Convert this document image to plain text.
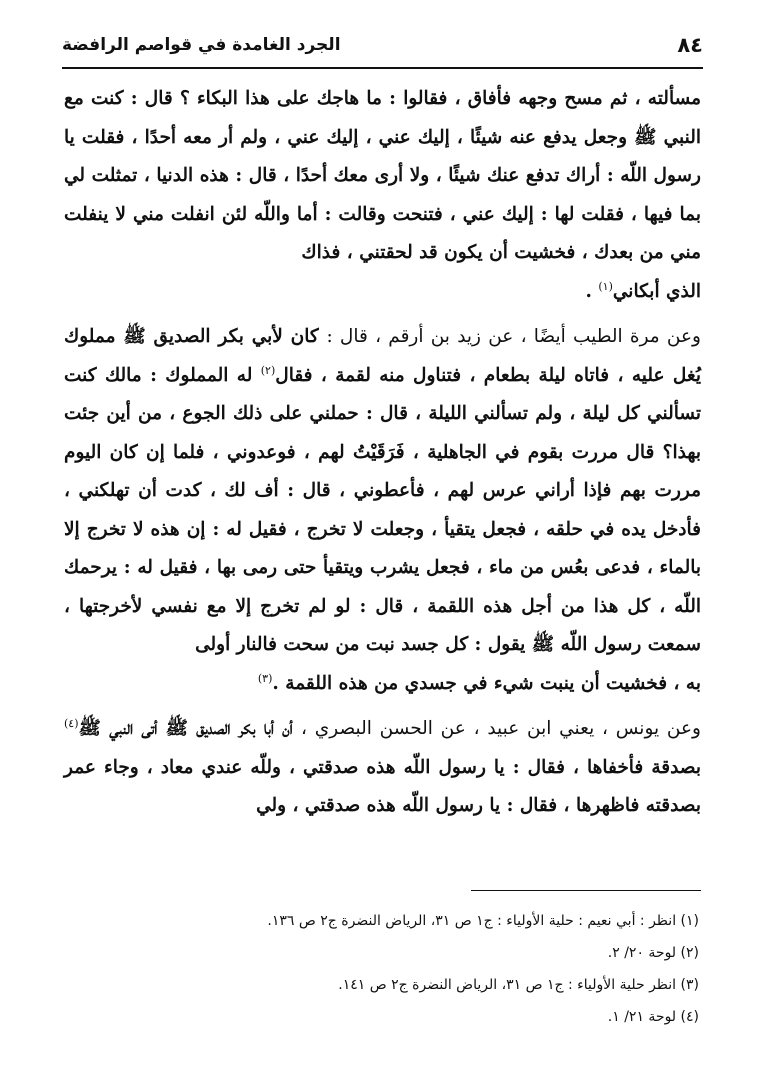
٨٤
الجرد الغامدة في قواصم الرافضة

مسألته ، ثم مسح وجهه فأفاق ، فقالوا : ما هاجك على هذا البكاء ؟ قال : كنت مع النبي ﷺ وجعل يدفع عنه شيئًا ، إليك عني ، إليك عني ، ولم أر معه أحدًا ، فقلت يا رسول اللّه : أراك تدفع عنك شيئًا ، ولا أرى معك أحدًا ، قال : هذه الدنيا ، تمثلت لي بما فيها ، فقلت لها : إليك عني ، فتنحت وقالت : أما واللّه لئن انفلت مني لا ينفلت مني من بعدك ، فخشيت أن يكون قد لحقتني ، فذاك
الذي أبكاني$^{(١)}$ .

وعن مرة الطيب أيضًا ، عن زيد بن أرقم ، قال : كان لأبي بكر الصديق ﷺ مملوك يُغل عليه ، فاتاه ليلة بطعام ، فتناول منه لقمة ، فقال$^{(٢)}$ له المملوك : مالك كنت تسألني كل ليلة ، ولم تسألني الليلة ، قال : حملني على ذلك الجوع ، من أين جئت بهذا؟ قال مررت بقوم في الجاهلية ، فَرَقَيْتُ لهم ، فوعدوني ، فلما إن كان اليوم مررت بهم فإذا أراني عرس لهم ، فأعطوني ، قال : أف لك ، كدت أن تهلكني ، فأدخل يده في حلقه ، فجعل يتقيأ ، وجعلت لا تخرج ، فقيل له : إن هذه لا تخرج إلا بالماء ، فدعى بعُس من ماء ، فجعل يشرب ويتقيأ حتى رمى بها ، فقيل له : يرحمك اللّه ، كل هذا من أجل هذه اللقمة ، قال : لو لم تخرج إلا مع نفسي لأخرجتها ، سمعت رسول اللّه ﷺ يقول : كل جسد نبت من سحت فالنار أولى
به ، فخشيت أن ينبت شيء في جسدي من هذه اللقمة .$^{(٣)}$

وعن يونس ، يعني ابن عبيد ، عن الحسن البصري ، أن أبا بكر الصديق ﷺ أتى النبي ﷺ$^{(٤)}$ بصدقة فأخفاها ، فقال : يا رسول اللّه هذه صدقتي ، وللّه عندي معاد ، وجاء عمر بصدقته فاظهرها ، فقال : يا رسول اللّه هذه صدقتي ، ولي

(١) انظر : أبي نعيم : حلية الأولياء : ج١ ص ٣١، الرياض النضرة ج٢ ص ١٣٦.
(٢) لوحة ٢٠/ ٢.
(٣) انظر حلية الأولياء : ج١ ص ٣١، الرياض النضرة ج٢ ص ١٤١.
(٤) لوحة ٢١/ ١.
